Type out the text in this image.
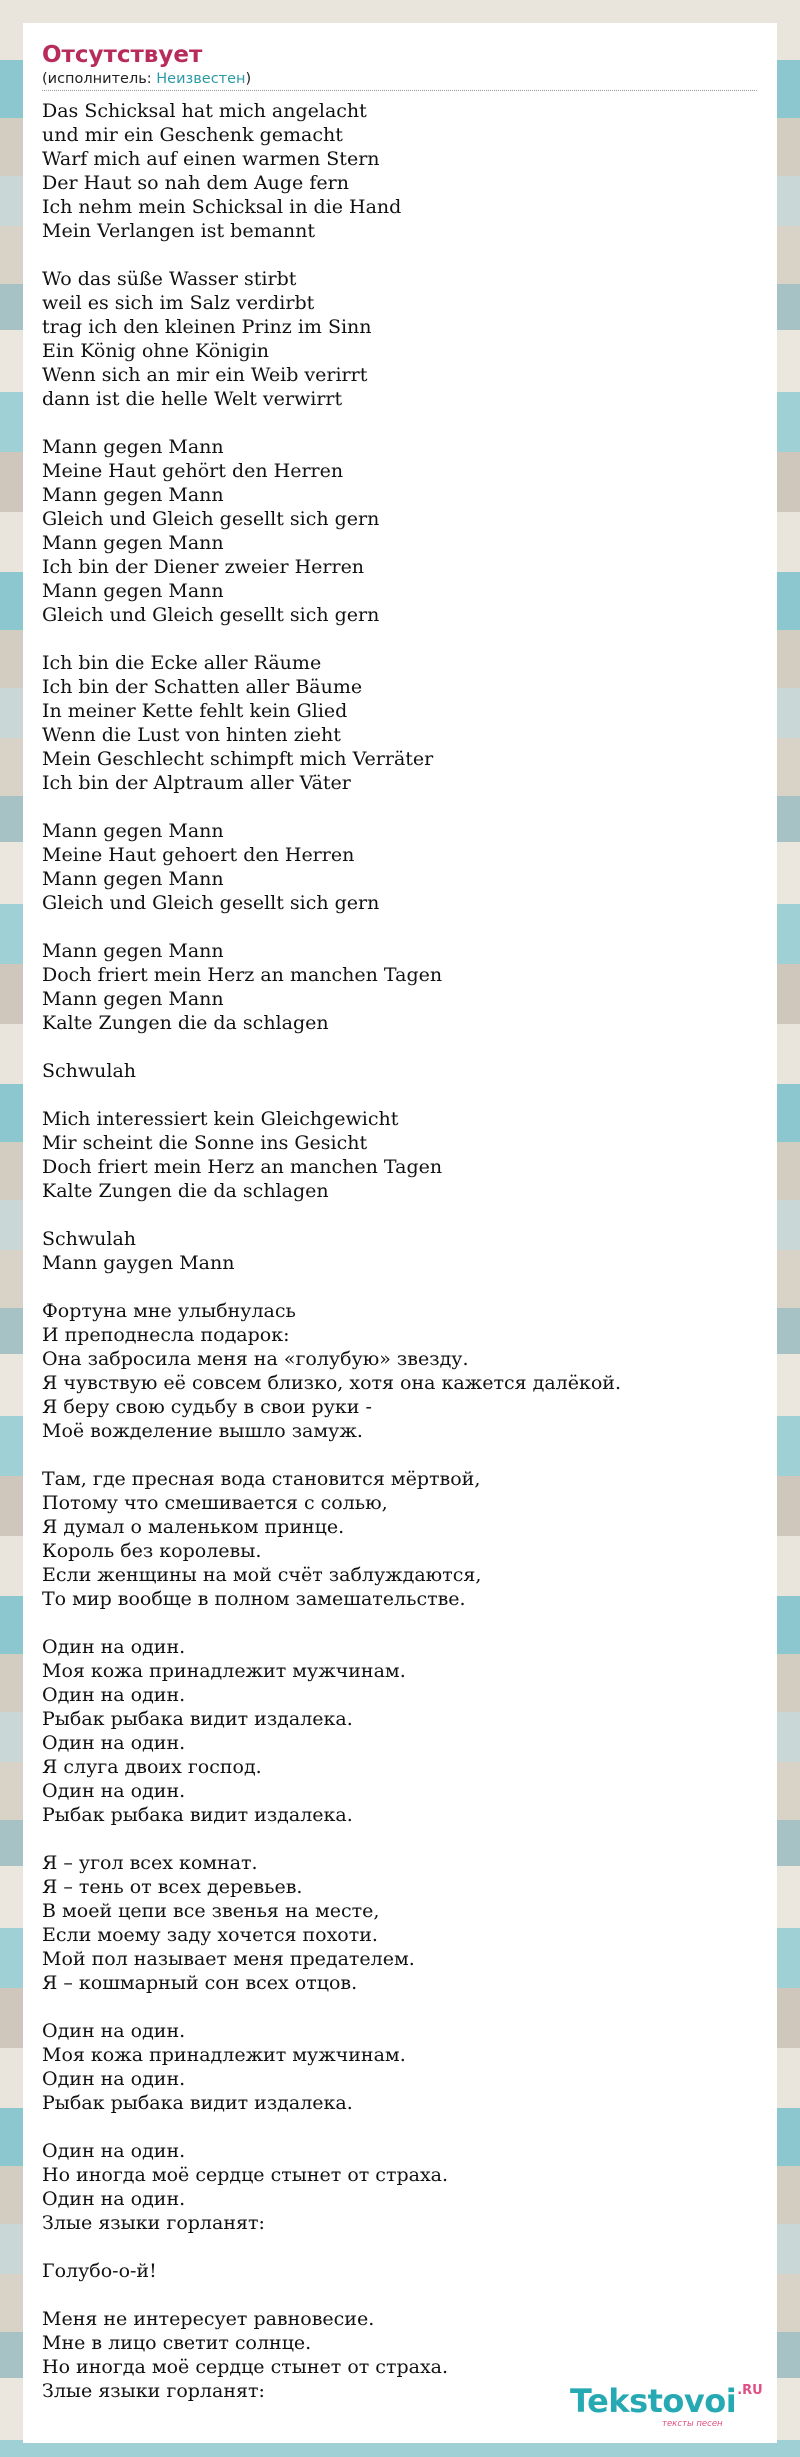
Отсутствует
(исполнитель: Неизвестен)
Das Schicksal hat mich angelacht
und mir ein Geschenk gemacht
Warf mich auf einen warmen Stern
Der Haut so nah dem Auge fern
Ich nehm mein Schicksal in die Hand
Mein Verlangen ist bemannt
Wo das süße Wasser stirbt
weil es sich im Salz verdirbt
trag ich den kleinen Prinz im Sinn
Ein König ohne Königin
Wenn sich an mir ein Weib verirrt
dann ist die helle Welt verwirrt
Mann gegen Mann
Meine Haut gehört den Herren
Mann gegen Mann
Gleich und Gleich gesellt sich gern
Mann gegen Mann
Ich bin der Diener zweier Herren
Mann gegen Mann
Gleich und Gleich gesellt sich gern
Ich bin die Ecke aller Räume
Ich bin der Schatten aller Bäume
In meiner Kette fehlt kein Glied
Wenn die Lust von hinten zieht
Mein Geschlecht schimpft mich Verräter
Ich bin der Alptraum aller Väter
Mann gegen Mann
Meine Haut gehoert den Herren
Mann gegen Mann
Gleich und Gleich gesellt sich gern
Mann gegen Mann
Doch friert mein Herz an manchen Tagen
Mann gegen Mann
Kalte Zungen die da schlagen
Schwulah
Mich interessiert kein Gleichgewicht
Mir scheint die Sonne ins Gesicht
Doch friert mein Herz an manchen Tagen
Kalte Zungen die da schlagen
Schwulah
Mann gaygen Mann
Фортуна мне улыбнулась
И преподнесла подарок:
Она забросила меня на «голубую» звезду.
Я чувствую её совсем близко, хотя она кажется далёкой.
Я беру свою судьбу в свои руки -
Моё вожделение вышло замуж.
Там, где пресная вода становится мёртвой,
Потому что смешивается с солью,
Я думал о маленьком принце.
Король без королевы.
Если женщины на мой счёт заблуждаются,
То мир вообще в полном замешательстве.
Один на один.
Моя кожа принадлежит мужчинам.
Один на один.
Рыбак рыбака видит издалека.
Один на один.
Я слуга двоих господ.
Один на один.
Рыбак рыбака видит издалека.
Я – угол всех комнат.
Я – тень от всех деревьев.
В моей цепи все звенья на месте,
Если моему заду хочется похоти.
Мой пол называет меня предателем.
Я – кошмарный сон всех отцов.
Один на один.
Моя кожа принадлежит мужчинам.
Один на один.
Рыбак рыбака видит издалека.
Один на один.
Но иногда моё сердце стынет от страха.
Один на один.
Злые языки горланят:
Голубо-о-й!
Меня не интересует равновесие.
Мне в лицо светит солнце.
Но иногда моё сердце стынет от страха.
Злые языки горланят:	Tekstovoi$^{.RU}$
тексты песен
